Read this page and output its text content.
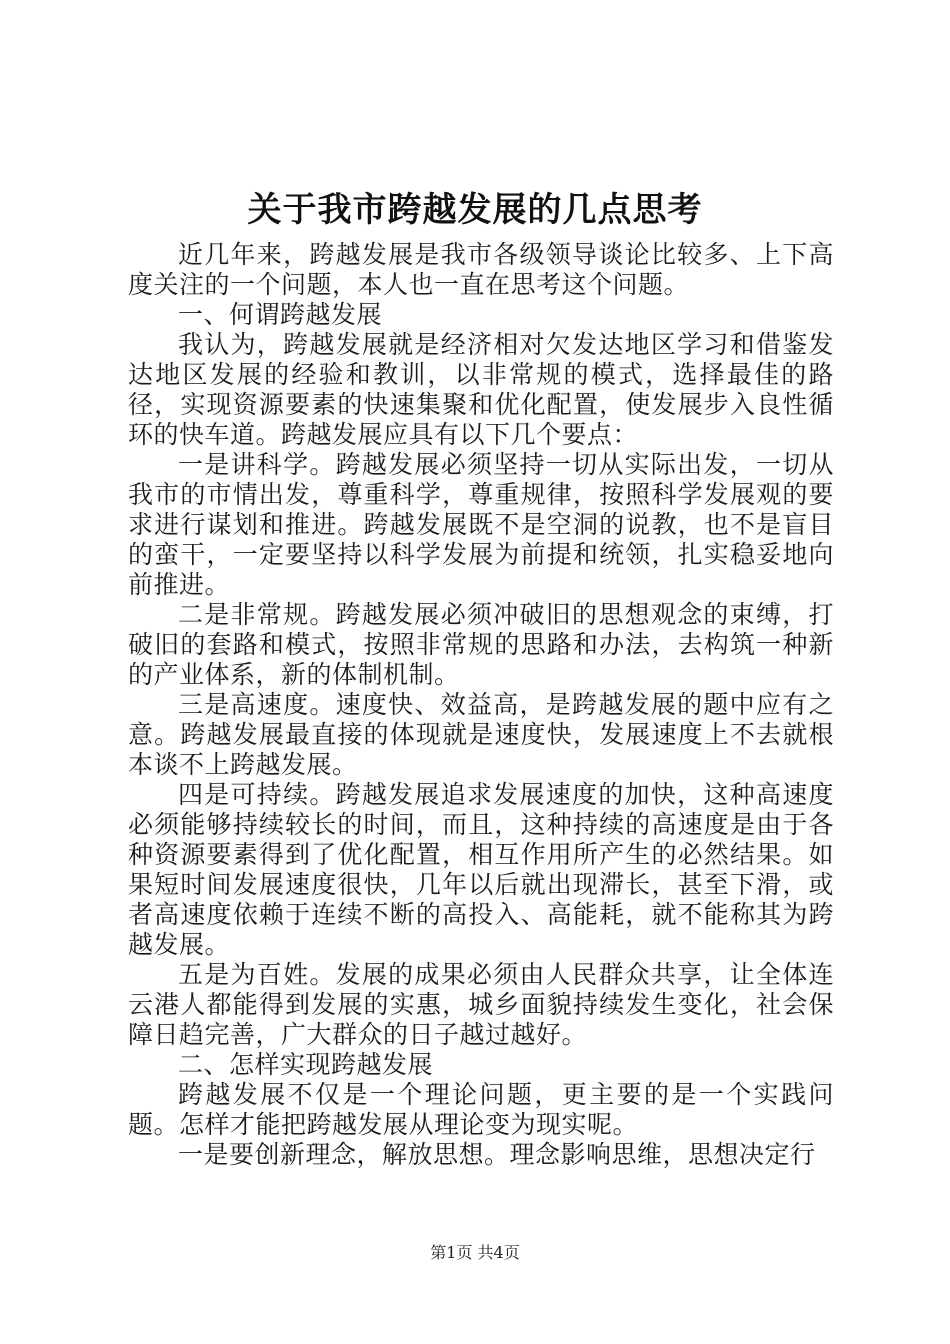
关于我市跨越发展的几点思考

近几年来，跨越发展是我市各级领导谈论比较多、上下高度关注的一个问题，本人也一直在思考这个问题。

一、何谓跨越发展

我认为，跨越发展就是经济相对欠发达地区学习和借鉴发达地区发展的经验和教训，以非常规的模式，选择最佳的路径，实现资源要素的快速集聚和优化配置，使发展步入良性循环的快车道。跨越发展应具有以下几个要点：

一是讲科学。跨越发展必须坚持一切从实际出发，一切从我市的市情出发，尊重科学，尊重规律，按照科学发展观的要求进行谋划和推进。跨越发展既不是空洞的说教，也不是盲目的蛮干，一定要坚持以科学发展为前提和统领，扎实稳妥地向前推进。

二是非常规。跨越发展必须冲破旧的思想观念的束缚，打破旧的套路和模式，按照非常规的思路和办法，去构筑一种新的产业体系，新的体制机制。

三是高速度。速度快、效益高，是跨越发展的题中应有之意。跨越发展最直接的体现就是速度快，发展速度上不去就根本谈不上跨越发展。

四是可持续。跨越发展追求发展速度的加快，这种高速度必须能够持续较长的时间，而且，这种持续的高速度是由于各种资源要素得到了优化配置，相互作用所产生的必然结果。如果短时间发展速度很快，几年以后就出现滞长，甚至下滑，或者高速度依赖于连续不断的高投入、高能耗，就不能称其为跨越发展。

五是为百姓。发展的成果必须由人民群众共享，让全体连云港人都能得到发展的实惠，城乡面貌持续发生变化，社会保障日趋完善，广大群众的日子越过越好。

二、怎样实现跨越发展

跨越发展不仅是一个理论问题，更主要的是一个实践问题。怎样才能把跨越发展从理论变为现实呢。

一是要创新理念，解放思想。理念影响思维，思想决定行

第1页 共4页
